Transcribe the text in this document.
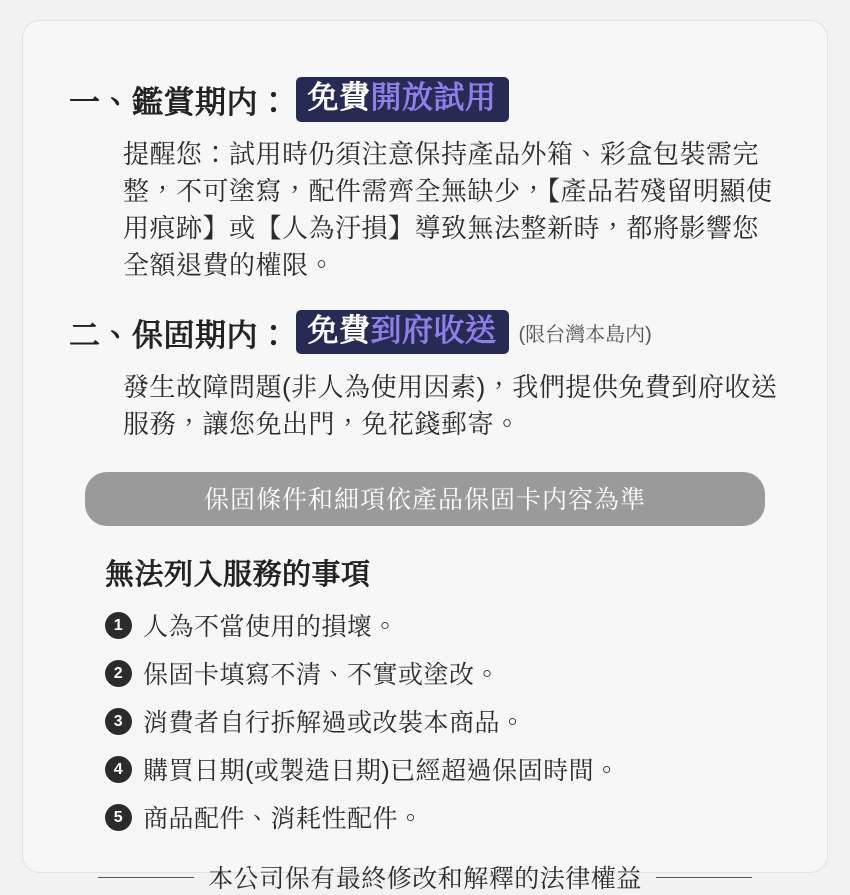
一、鑑賞期内： 免費開放試用
提醒您：試用時仍須注意保持產品外箱、彩盒包裝需完整，不可塗寫，配件需齊全無缺少，【產品若殘留明顯使用痕跡】或【人為汙損】導致無法整新時，都將影響您全額退費的權限。
二、保固期内： 免費到府收送	(限台灣本島内)
發生故障問題(非人為使用因素)，我們提供免費到府收送服務，讓您免出門，免花錢郵寄。
保固條件和細項依產品保固卡内容為準
無法列入服務的事項
1 人為不當使用的損壞。
2 保固卡填寫不清、不實或塗改。
3 消費者自行拆解過或改裝本商品。
4 購買日期(或製造日期)已經超過保固時間。
5 商品配件、消耗性配件。
本公司保有最終修改和解釋的法律權益
